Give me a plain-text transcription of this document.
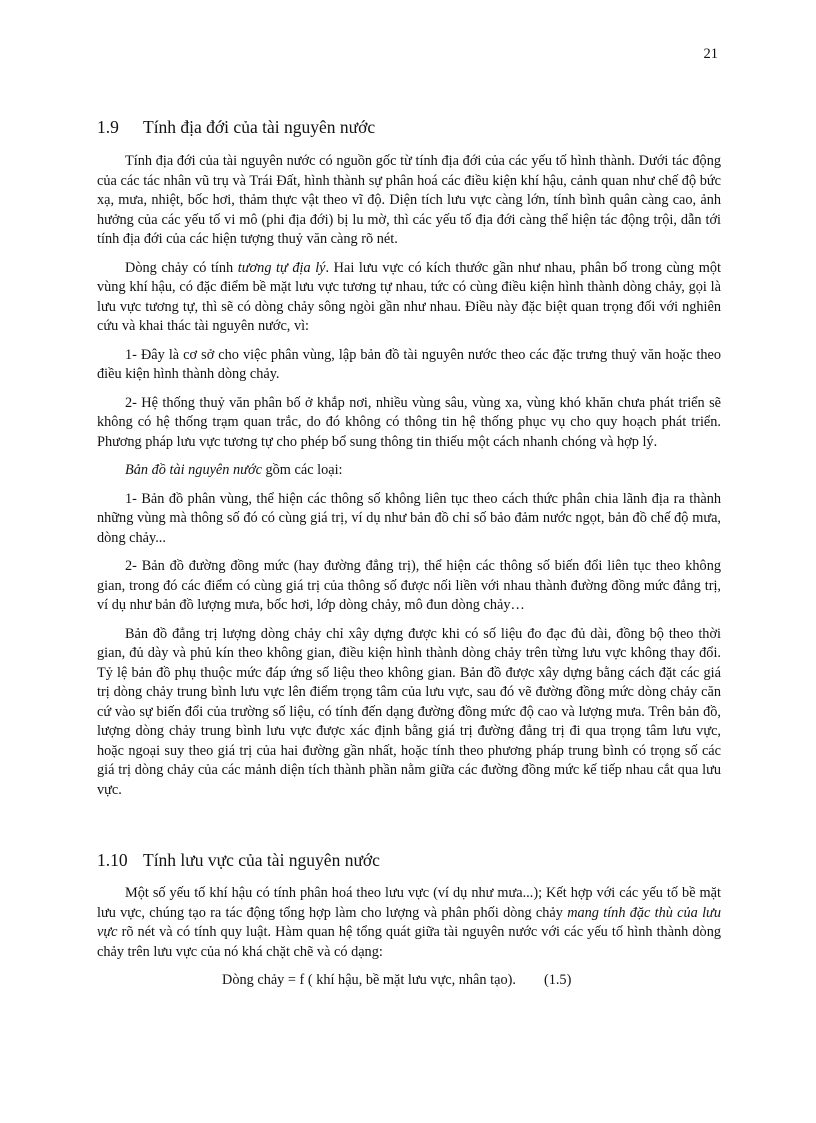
21
1.9 Tính địa đới của tài nguyên nước

Tính địa đới của tài nguyên nước có nguồn gốc từ tính địa đới của các yếu tố hình thành. Dưới tác động của các tác nhân vũ trụ và Trái Đất, hình thành sự phân hoá các điều kiện khí hậu, cảnh quan như chế độ bức xạ, mưa, nhiệt, bốc hơi, thảm thực vật theo vĩ độ. Diện tích lưu vực càng lớn, tính bình quân càng cao, ảnh hưởng của các yếu tố vi mô (phi địa đới) bị lu mờ, thì các yếu tố địa đới càng thể hiện tác động trội, dẫn tới tính địa đới của các hiện tượng thuỷ văn càng rõ nét.

Dòng chảy có tính tương tự địa lý. Hai lưu vực có kích thước gần như nhau, phân bố trong cùng một vùng khí hậu, có đặc điểm bề mặt lưu vực tương tự nhau, tức có cùng điều kiện hình thành dòng chảy, gọi là lưu vực tương tự, thì sẽ có dòng chảy sông ngòi gần như nhau. Điều này đặc biệt quan trọng đối với nghiên cứu và khai thác tài nguyên nước, vì:

1- Đây là cơ sở cho việc phân vùng, lập bản đồ tài nguyên nước theo các đặc trưng thuỷ văn hoặc theo điều kiện hình thành dòng chảy.

2- Hệ thống thuỷ văn phân bố ở khắp nơi, nhiều vùng sâu, vùng xa, vùng khó khăn chưa phát triển sẽ không có hệ thống trạm quan trắc, do đó không có thông tin hệ thống phục vụ cho quy hoạch phát triển. Phương pháp lưu vực tương tự cho phép bổ sung thông tin thiếu một cách nhanh chóng và hợp lý.

Bản đồ tài nguyên nước gồm các loại:

1- Bản đồ phân vùng, thể hiện các thông số không liên tục theo cách thức phân chia lãnh địa ra thành những vùng mà thông số đó có cùng giá trị, ví dụ như bản đồ chỉ số bảo đảm nước ngọt, bản đồ chế độ mưa, dòng chảy...

2- Bản đồ đường đồng mức (hay đường đẳng trị), thể hiện các thông số biến đổi liên tục theo không gian, trong đó các điểm có cùng giá trị của thông số được nối liền với nhau thành đường đồng mức đẳng trị, ví dụ như bản đồ lượng mưa, bốc hơi, lớp dòng chảy, mô đun dòng chảy…

Bản đồ đẳng trị lượng dòng chảy chỉ xây dựng được khi có số liệu đo đạc đủ dài, đồng bộ theo thời gian, đủ dày và phủ kín theo không gian, điều kiện hình thành dòng chảy trên từng lưu vực không thay đổi. Tỷ lệ bản đồ phụ thuộc mức đáp ứng số liệu theo không gian. Bản đồ được xây dựng bằng cách đặt các giá trị dòng chảy trung bình lưu vực lên điểm trọng tâm của lưu vực, sau đó vẽ đường đồng mức dòng chảy căn cứ vào sự biến đổi của trường số liệu, có tính đến dạng đường đồng mức độ cao và lượng mưa. Trên bản đồ, lượng dòng chảy trung bình lưu vực được xác định bằng giá trị đường đẳng trị đi qua trọng tâm lưu vực, hoặc ngoại suy theo giá trị của hai đường gần nhất, hoặc tính theo phương pháp trung bình có trọng số các giá trị dòng chảy của các mảnh diện tích thành phần nằm giữa các đường đồng mức kế tiếp nhau cắt qua lưu vực.

1.10 Tính lưu vực của tài nguyên nước

Một số yếu tố khí hậu có tính phân hoá theo lưu vực (ví dụ như mưa...); Kết hợp với các yếu tố bề mặt lưu vực, chúng tạo ra tác động tổng hợp làm cho lượng và phân phối dòng chảy mang tính đặc thù của lưu vực rõ nét và có tính quy luật. Hàm quan hệ tổng quát giữa tài nguyên nước với các yếu tố hình thành dòng chảy trên lưu vực của nó khá chặt chẽ và có dạng:

Dòng chảy = f ( khí hậu, bề mặt lưu vực, nhân tạo). (1.5)
